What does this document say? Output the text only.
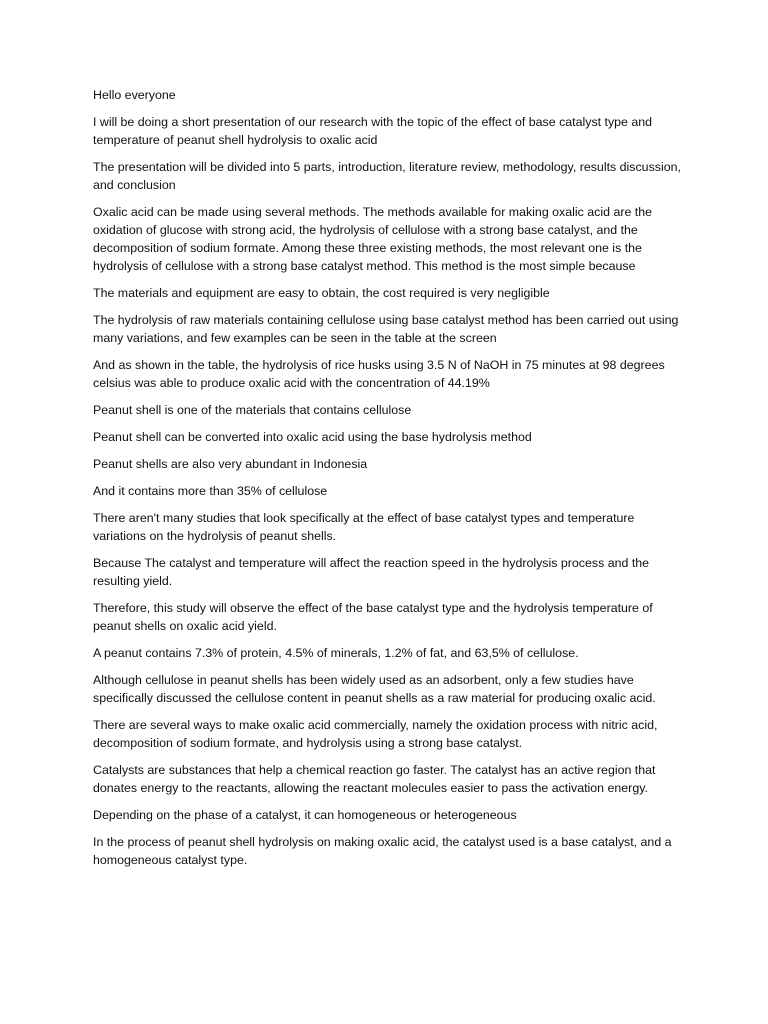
Hello everyone

I will be doing a short presentation of our research with the topic of the effect of base catalyst type and temperature of peanut shell hydrolysis to oxalic acid

The presentation will be divided into 5 parts, introduction, literature review, methodology, results discussion, and conclusion

Oxalic acid can be made using several methods. The methods available for making oxalic acid are the oxidation of glucose with strong acid, the hydrolysis of cellulose with a strong base catalyst, and the decomposition of sodium formate. Among these three existing methods, the most relevant one is the hydrolysis of cellulose with a strong base catalyst method. This method is the most simple because

The materials and equipment are easy to obtain, the cost required is very negligible

The hydrolysis of raw materials containing cellulose using base catalyst method has been carried out using many variations, and few examples can be seen in the table at the screen

And as shown in the table, the hydrolysis of rice husks using 3.5 N of NaOH in 75 minutes at 98 degrees celsius was able to produce oxalic acid with the concentration of 44.19%

Peanut shell is one of the materials that contains cellulose

Peanut shell can be converted into oxalic acid using the base hydrolysis method

Peanut shells are also very abundant in Indonesia

And it contains more than 35% of cellulose

There aren't many studies that look specifically at the effect of base catalyst types and temperature variations on the hydrolysis of peanut shells.

Because The catalyst and temperature will affect the reaction speed in the hydrolysis process and the resulting yield.

Therefore, this study will observe the effect of the base catalyst type and the hydrolysis temperature of peanut shells on oxalic acid yield.

A peanut contains 7.3% of protein, 4.5% of minerals, 1.2% of fat, and 63,5% of cellulose.

Although cellulose in peanut shells has been widely used as an adsorbent, only a few studies have specifically discussed the cellulose content in peanut shells as a raw material for producing oxalic acid.

There are several ways to make oxalic acid commercially, namely the oxidation process with nitric acid, decomposition of sodium formate, and hydrolysis using a strong base catalyst.

Catalysts are substances that help a chemical reaction go faster. The catalyst has an active region that donates energy to the reactants, allowing the reactant molecules easier to pass the activation energy.

Depending on the phase of a catalyst, it can homogeneous or heterogeneous

In the process of peanut shell hydrolysis on making oxalic acid, the catalyst used is a base catalyst, and a homogeneous catalyst type.
